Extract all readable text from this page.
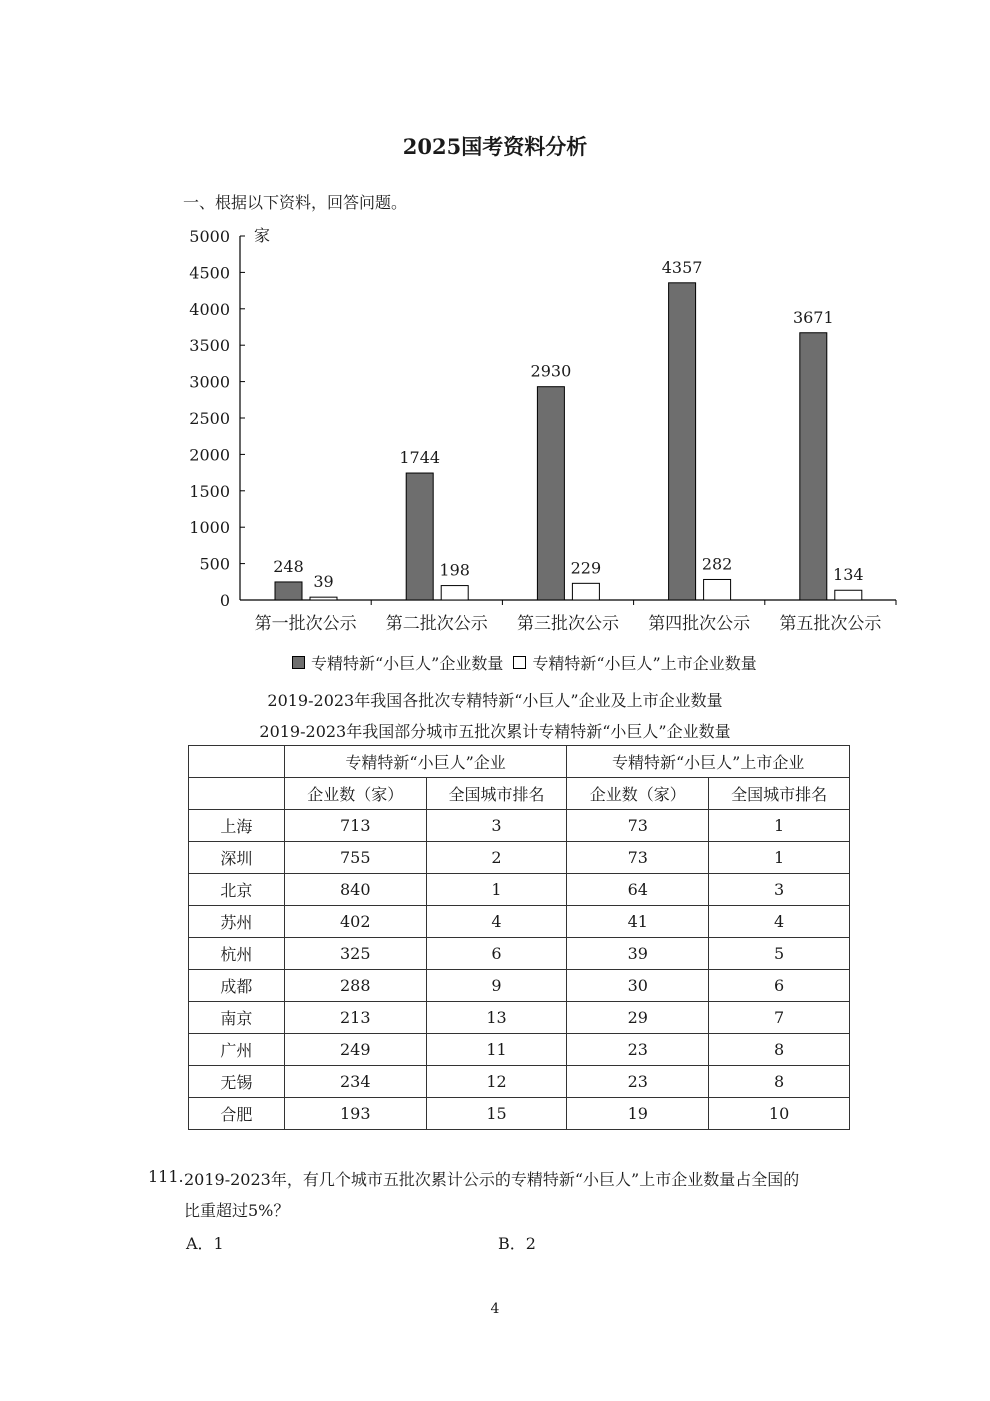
2025国考资料分析
一、根据以下资料，回答问题。
0
500
1000
1500
2000
2500
3000
3500
4000
4500
5000 家
第一批次公示
248
39
第二批次公示
1744
198
第三批次公示
2930
229
第四批次公示
4357
282
第五批次公示
3671
134
专精特新“小巨人”企业数量 专精特新“小巨人”上市企业数量
2019-2023年我国各批次专精特新“小巨人”企业及上市企业数量
2019-2023年我国部分城市五批次累计专精特新“小巨人”企业数量
	专精特新“小巨人”企业		专精特新“小巨人”上市企业	
	企业数（家）	全国城市排名	企业数（家）	全国城市排名
上海	713	3	73	1
深圳	755	2	73	1
北京	840	1	64	3
苏州	402	4	41	4
杭州	325	6	39	5
成都	288	9	30	6
南京	213	13	29	7
广州	249	11	23	8
无锡	234	12	23	8
合肥	193	15	19	10
111. 2019-2023年，有几个城市五批次累计公示的专精特新“小巨人”上市企业数量占全国的
比重超过5%？
A．1	B．2
4
